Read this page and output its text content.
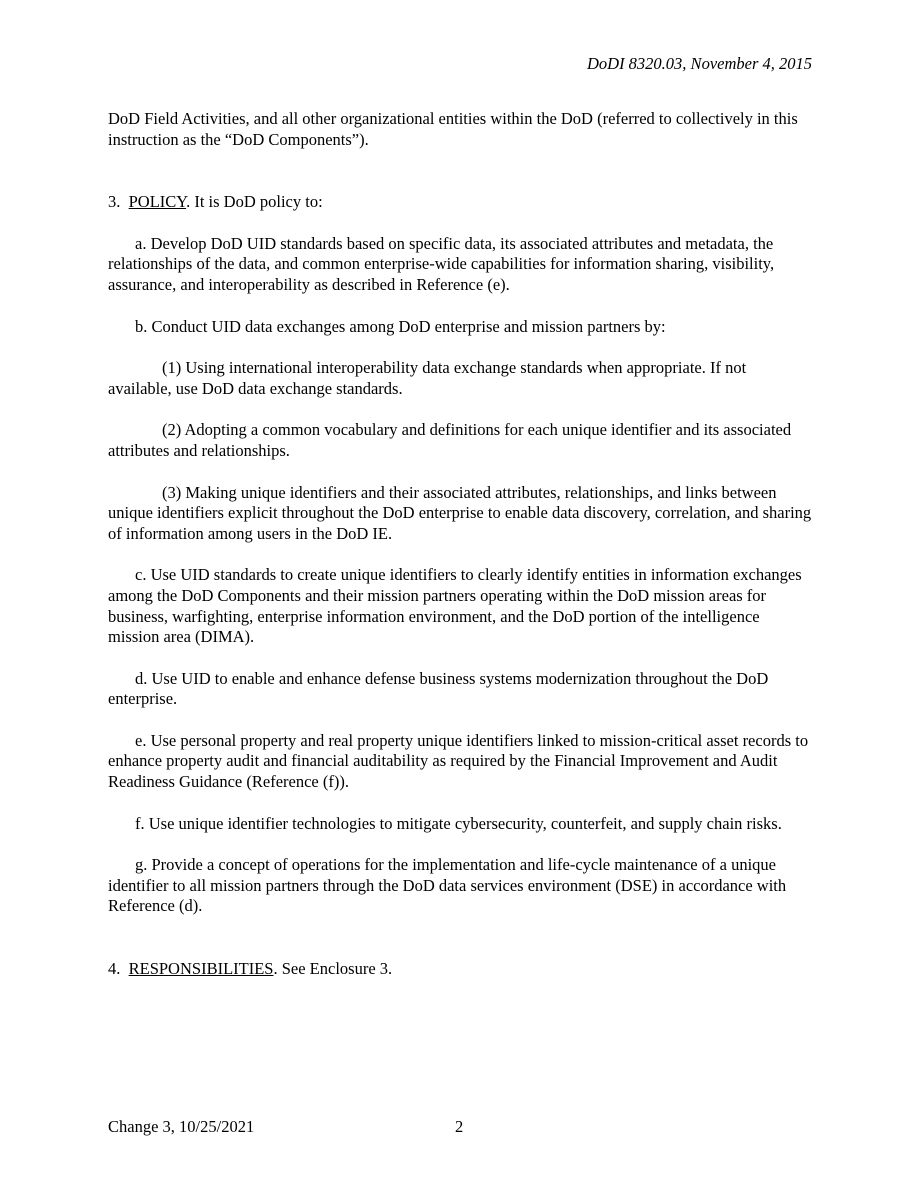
DoDI 8320.03, November 4, 2015

DoD Field Activities, and all other organizational entities within the DoD (referred to collectively in this instruction as the “DoD Components”).

3. POLICY. It is DoD policy to:

a. Develop DoD UID standards based on specific data, its associated attributes and metadata, the relationships of the data, and common enterprise-wide capabilities for information sharing, visibility, assurance, and interoperability as described in Reference (e).

b. Conduct UID data exchanges among DoD enterprise and mission partners by:

(1) Using international interoperability data exchange standards when appropriate. If not available, use DoD data exchange standards.

(2) Adopting a common vocabulary and definitions for each unique identifier and its associated attributes and relationships.

(3) Making unique identifiers and their associated attributes, relationships, and links between unique identifiers explicit throughout the DoD enterprise to enable data discovery, correlation, and sharing of information among users in the DoD IE.

c. Use UID standards to create unique identifiers to clearly identify entities in information exchanges among the DoD Components and their mission partners operating within the DoD mission areas for business, warfighting, enterprise information environment, and the DoD portion of the intelligence mission area (DIMA).

d. Use UID to enable and enhance defense business systems modernization throughout the DoD enterprise.

e. Use personal property and real property unique identifiers linked to mission-critical asset records to enhance property audit and financial auditability as required by the Financial Improvement and Audit Readiness Guidance (Reference (f)).

f. Use unique identifier technologies to mitigate cybersecurity, counterfeit, and supply chain risks.

g. Provide a concept of operations for the implementation and life-cycle maintenance of a unique identifier to all mission partners through the DoD data services environment (DSE) in accordance with Reference (d).

4. RESPONSIBILITIES. See Enclosure 3.

Change 3, 10/25/2021	2
